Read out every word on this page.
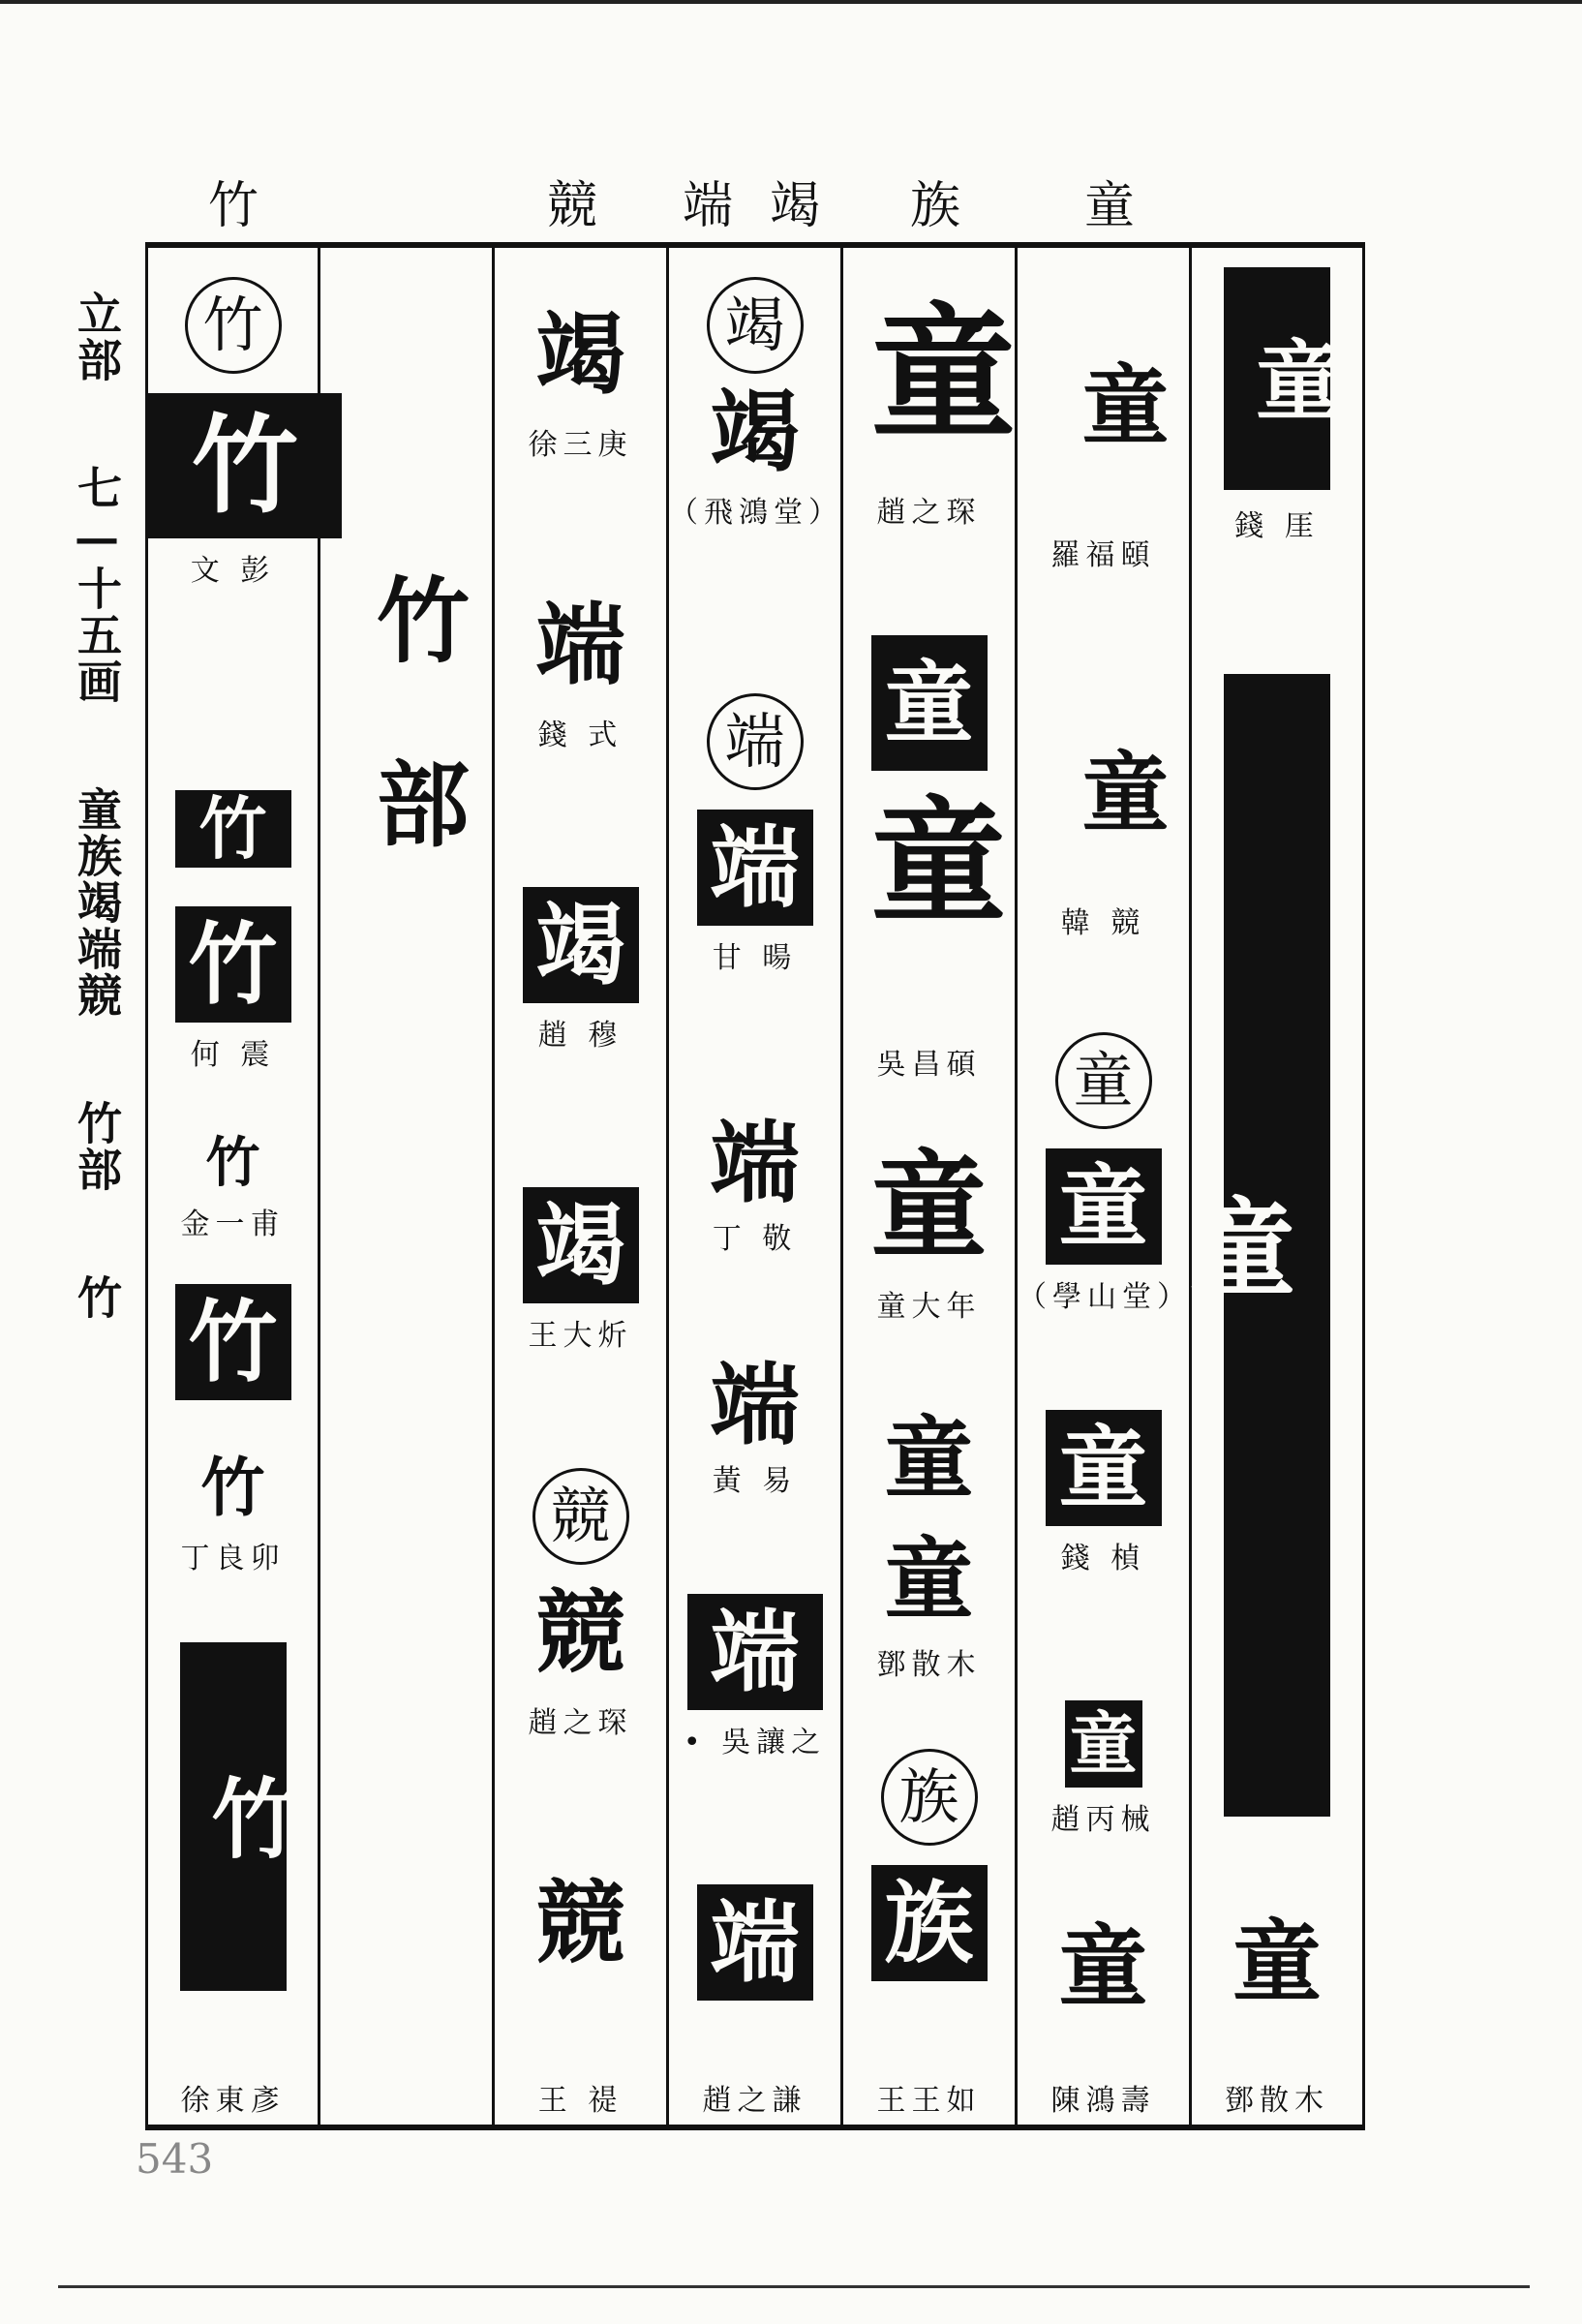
立部 七—十五画 童族竭端競 竹部 竹
竹	競 端 竭 族 童
竹
竹
文 彭
竹
竹
何 震
竹
金一甫
竹
竹
丁良卯
竹
徐東彥
竹
部
竭
徐三庚
端
錢 式
竭
趙 穆
竭
王大炘
競
競
趙之琛
競
王 禔
竭
竭
（飛鴻堂）
端
端
甘 暘
端
丁 敬
端
黃 易
端
• 吳讓之
端
趙之謙
童
趙之琛
童
童
吳昌碩
童
童大年
童
童
鄧散木
族
族
王王如
童
羅福頤
童
韓 競
童
童
（學山堂）
童
錢 楨
童
趙丙械
童
陳鴻壽
童
錢 厓
童
童
鄧散木
543
